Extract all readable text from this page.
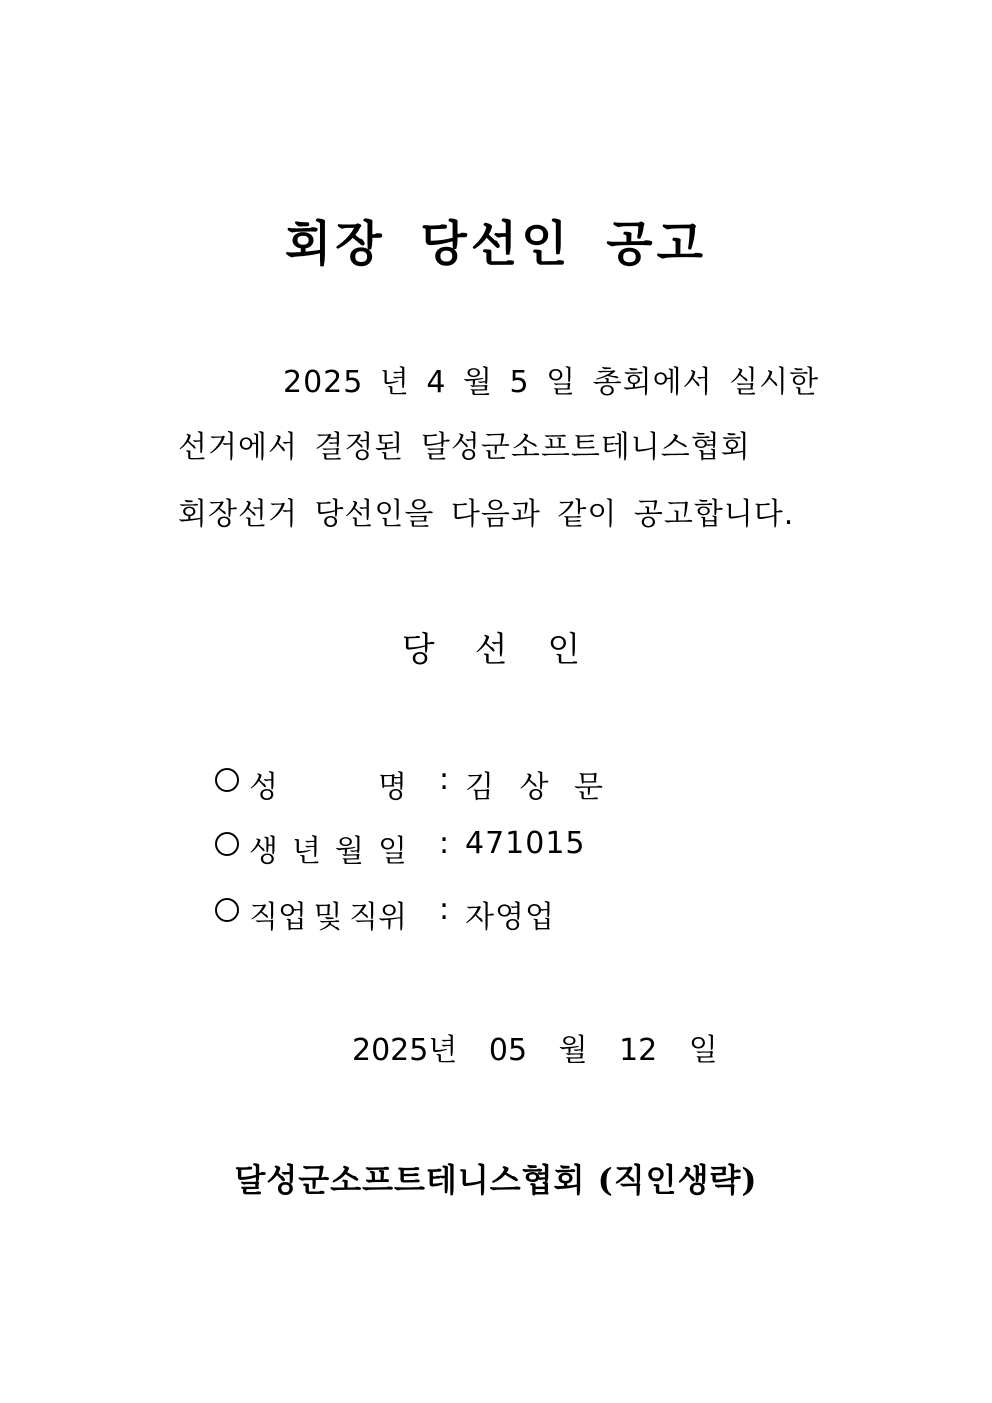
회장 당선인 공고
2025 년 4 월 5 일 총회에서 실시한
선거에서 결정된 달성군소프트테니스협회
회장선거 당선인을 다음과 같이 공고합니다.
당선인
성	명 : 김 상 문
생 년 월 일 : 471015
직업 및 직위 : 자영업
2025년 05 월 12 일
달성군소프트테니스협회 (직인생략)
